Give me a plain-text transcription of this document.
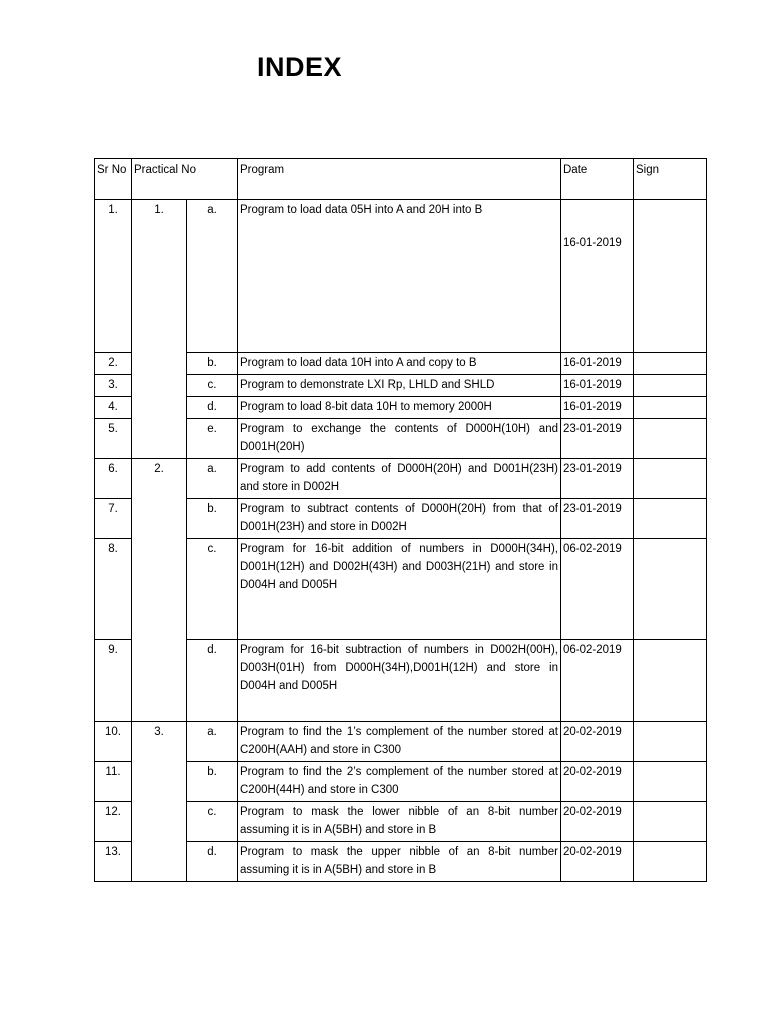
INDEX
Sr No	Practical No		Program	Date	Sign
1.	1.	a.	Program to load data 05H into A and 20H into B	16-01-2019	
2.		b.	Program to load data 10H into A and copy to B	16-01-2019	
3.		c.	Program to demonstrate LXI Rp, LHLD and SHLD	16-01-2019	
4.		d.	Program to load 8-bit data 10H to memory 2000H	16-01-2019	
5.		e.	Program to exchange the contents of D000H(10H) and D001H(20H)	23-01-2019	
6.	2.	a.	Program to add contents of D000H(20H) and D001H(23H) and store in D002H	23-01-2019	
7.		b.	Program to subtract contents of D000H(20H) from that of D001H(23H) and store in D002H	23-01-2019	
8.		c.	Program for 16-bit addition of numbers in D000H(34H), D001H(12H) and D002H(43H) and D003H(21H) and store in D004H and D005H	06-02-2019	
9.		d.	Program for 16-bit subtraction of numbers in D002H(00H), D003H(01H) from D000H(34H),D001H(12H) and store in D004H and D005H	06-02-2019	
10.	3.	a.	Program to find the 1’s complement of the number stored at C200H(AAH) and store in C300	20-02-2019	
11.		b.	Program to find the 2’s complement of the number stored at C200H(44H) and store in C300	20-02-2019	
12.		c.	Program to mask the lower nibble of an 8-bit number assuming it is in A(5BH) and store in B	20-02-2019	
13.		d.	Program to mask the upper nibble of an 8-bit number assuming it is in A(5BH) and store in B	20-02-2019	
